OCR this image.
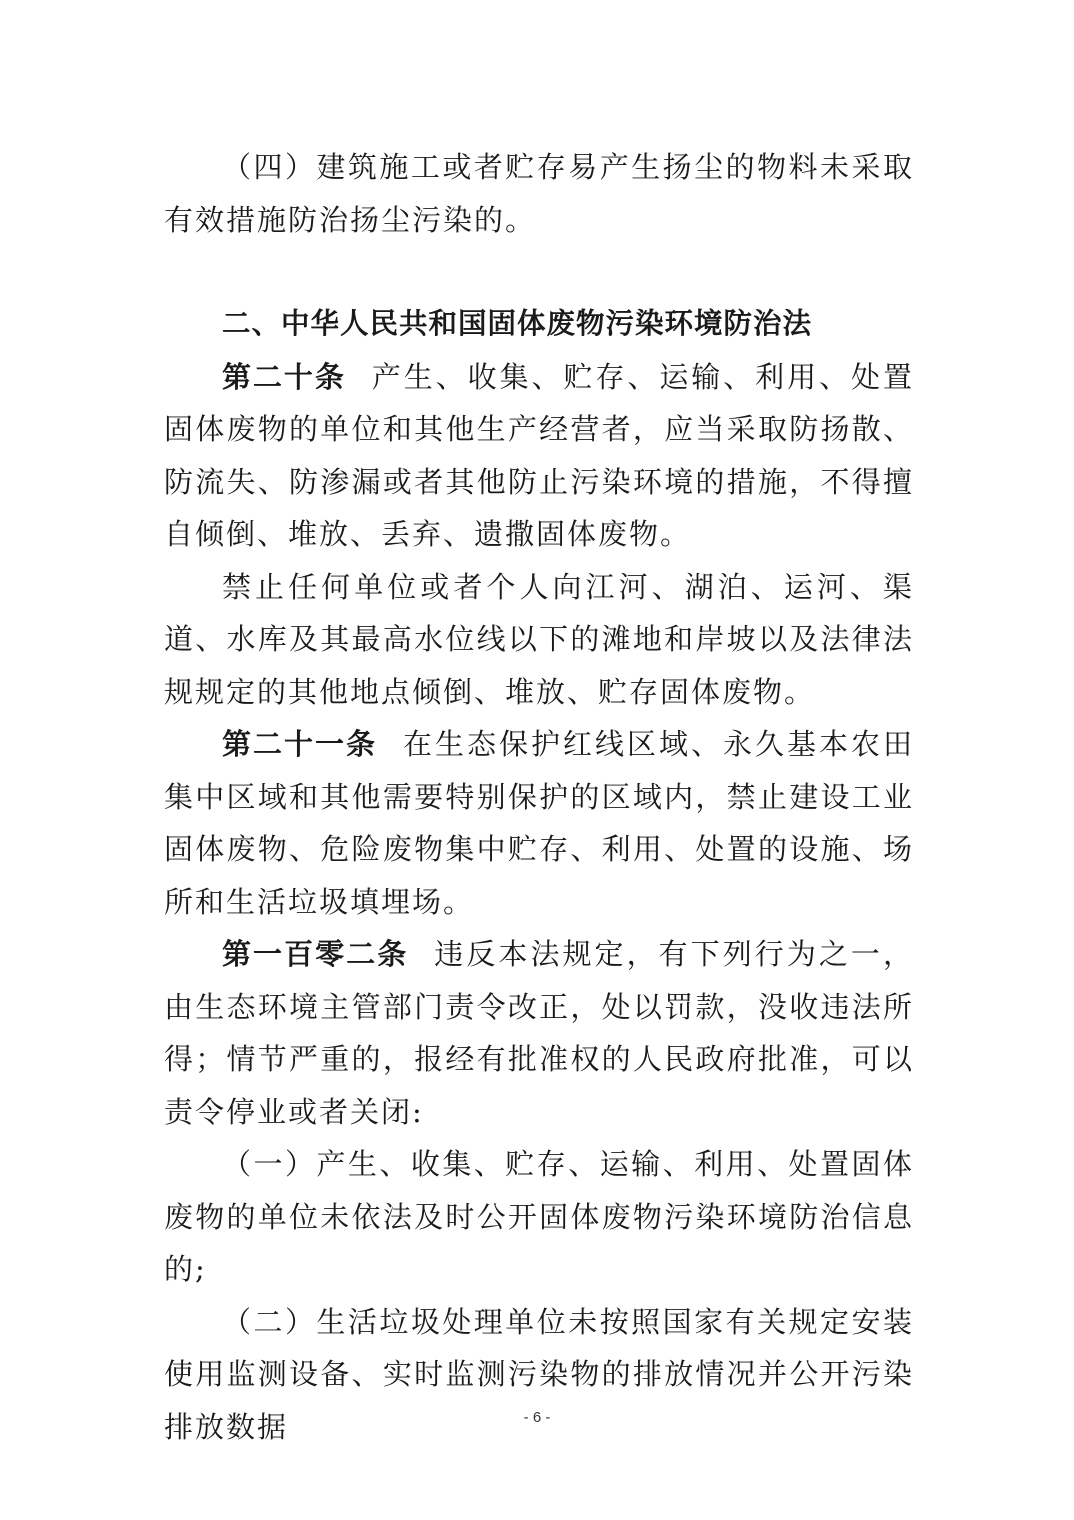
（四）建筑施工或者贮存易产生扬尘的物料未采取有效措施防治扬尘污染的。

二、中华人民共和国固体废物污染环境防治法

第二十条 产生、收集、贮存、运输、利用、处置固体废物的单位和其他生产经营者，应当采取防扬散、防流失、防渗漏或者其他防止污染环境的措施，不得擅自倾倒、堆放、丢弃、遗撒固体废物。

禁止任何单位或者个人向江河、湖泊、运河、渠道、水库及其最高水位线以下的滩地和岸坡以及法律法规规定的其他地点倾倒、堆放、贮存固体废物。

第二十一条 在生态保护红线区域、永久基本农田集中区域和其他需要特别保护的区域内，禁止建设工业固体废物、危险废物集中贮存、利用、处置的设施、场所和生活垃圾填埋场。

第一百零二条 违反本法规定，有下列行为之一，由生态环境主管部门责令改正，处以罚款，没收违法所得；情节严重的，报经有批准权的人民政府批准，可以责令停业或者关闭:

（一）产生、收集、贮存、运输、利用、处置固体废物的单位未依法及时公开固体废物污染环境防治信息的;

（二）生活垃圾处理单位未按照国家有关规定安装使用监测设备、实时监测污染物的排放情况并公开污染排放数据	- 6 -
